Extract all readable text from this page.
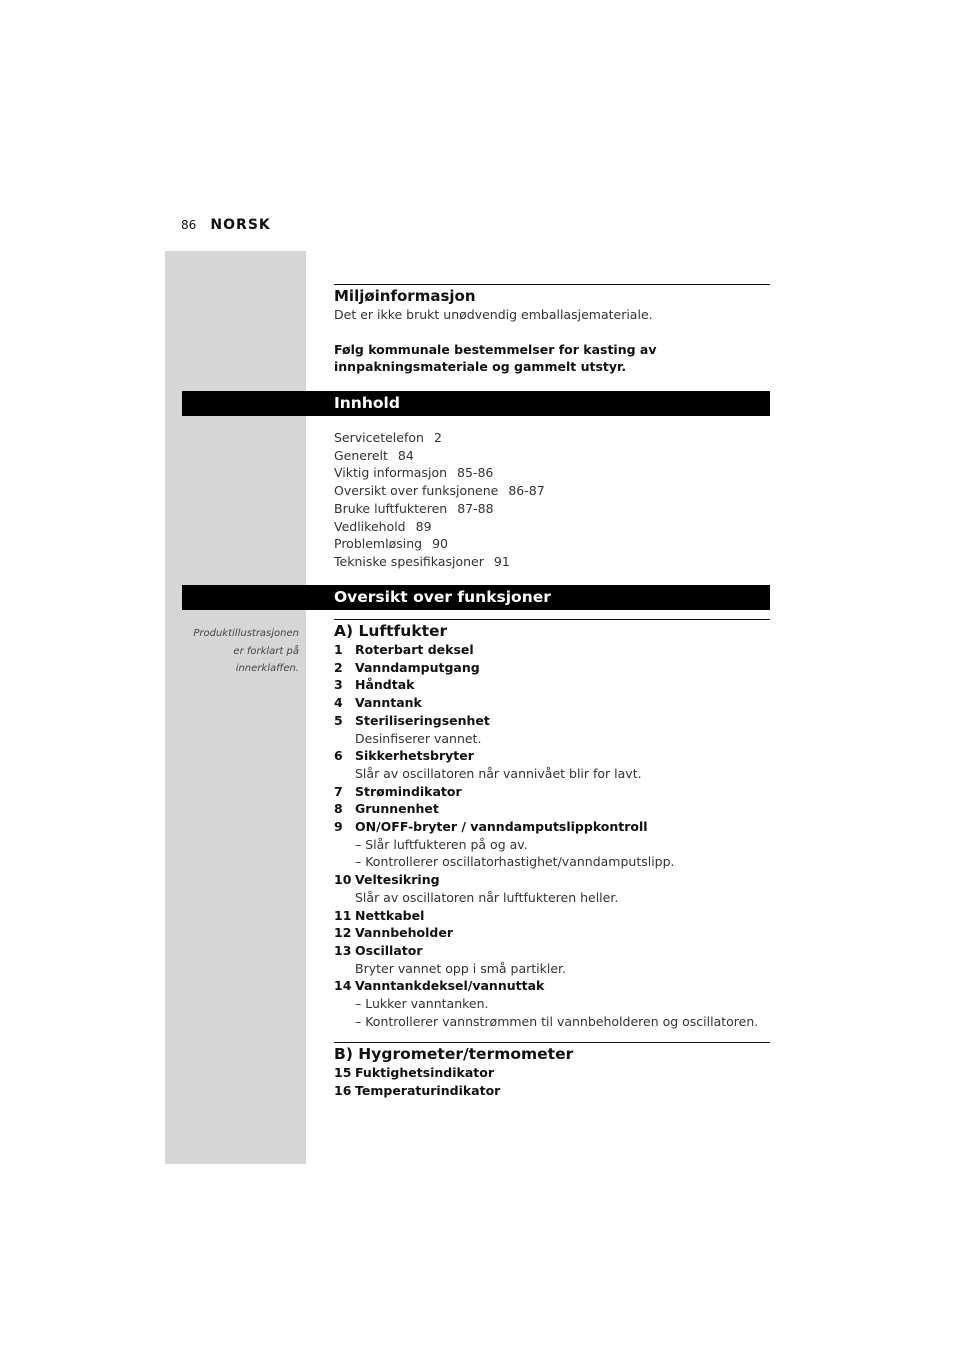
86 NORSK
Miljøinformasjon
Det er ikke brukt unødvendig emballasjemateriale.
Følg kommunale bestemmelser for kasting av
innpakningsmateriale og gammelt utstyr.
Innhold
Servicetelefon 2
Generelt 84
Viktig informasjon 85-86
Oversikt over funksjonene 86-87
Bruke luftfukteren 87-88
Vedlikehold 89
Problemløsing 90
Tekniske spesifikasjoner 91
Oversikt over funksjoner
Produktillustrasjonen
er forklart på
innerklaffen.
A) Luftfukter
1 Roterbart deksel
2 Vanndamputgang
3 Håndtak
4 Vanntank
5 Steriliseringsenhet
Desinfiserer vannet.
6 Sikkerhetsbryter
Slår av oscillatoren når vannivået blir for lavt.
7 Strømindikator
8 Grunnenhet
9 ON/OFF-bryter / vanndamputslippkontroll
– Slår luftfukteren på og av.
– Kontrollerer oscillatorhastighet/vanndamputslipp.
10 Veltesikring
Slår av oscillatoren når luftfukteren heller.
11 Nettkabel
12 Vannbeholder
13 Oscillator
Bryter vannet opp i små partikler.
14 Vanntankdeksel/vannuttak
– Lukker vanntanken.
– Kontrollerer vannstrømmen til vannbeholderen og oscillatoren.
B) Hygrometer/termometer
15 Fuktighetsindikator
16 Temperaturindikator
